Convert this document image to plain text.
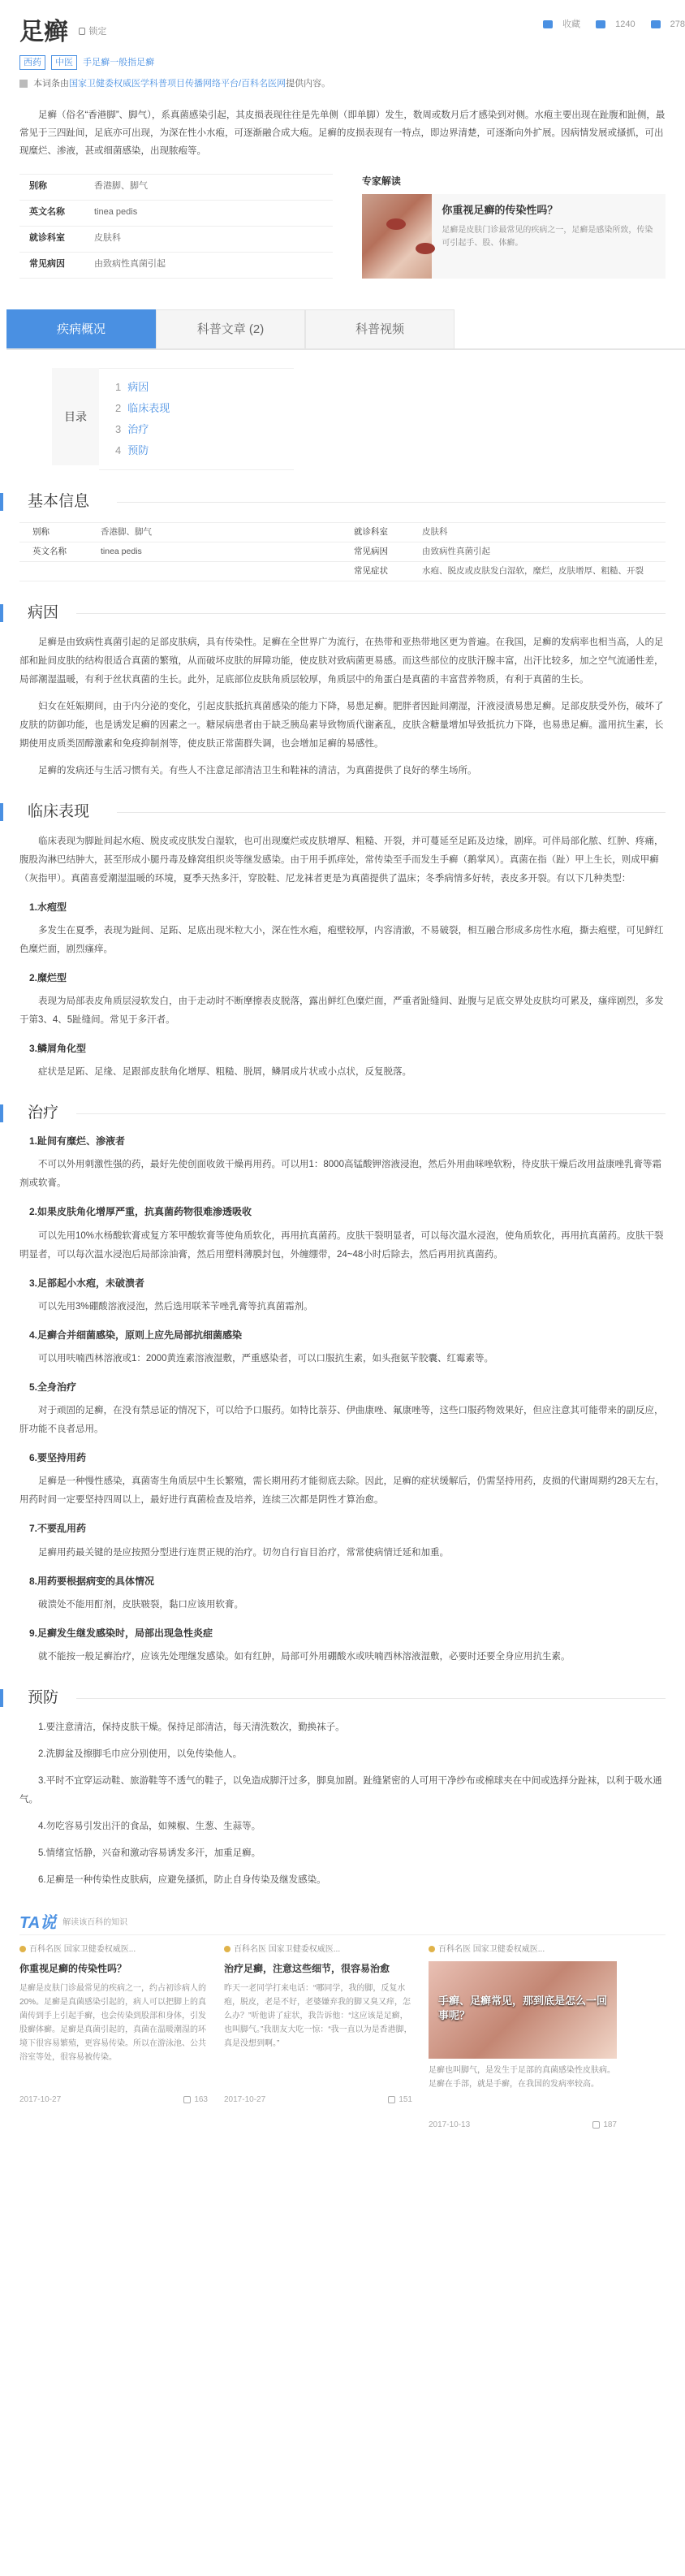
足癣 锁定
收藏	1240	278
西药 中医 手足癣一般指足癣
本词条由国家卫健委权威医学科普项目传播网络平台/百科名医网提供内容。

足癣（俗名“香港脚”、脚气），系真菌感染引起，其皮损表现往往是先单侧（即单脚）发生，数周或数月后才感染到对侧。水疱主要出现在趾腹和趾侧，最常见于三四趾间，足底亦可出现，为深在性小水疱，可逐渐融合成大疱。足癣的皮损表现有一特点，即边界清楚，可逐渐向外扩展。因病情发展或搔抓，可出现糜烂、渗液，甚或细菌感染，出现脓疱等。

别称	香港脚、脚气
英文名称	tinea pedis
就诊科室	皮肤科
常见病因	由致病性真菌引起
专家解读
你重视足癣的传染性吗？
足癣是皮肤门诊最常见的疾病之一，足癣是感染所致，传染可引起手、股、体癣。
疾病概况	科普文章 (2)	科普视频
目录
1 病因
2 临床表现
3 治疗
4 预防
基本信息
别称	香港脚、脚气	就诊科室	皮肤科
英文名称	tinea pedis	常见病因	由致病性真菌引起
常见症状	水疱、脱皮或皮肤发白湿软，糜烂，皮肤增厚、粗糙、开裂
病因

足癣是由致病性真菌引起的足部皮肤病，具有传染性。足癣在全世界广为流行，在热带和亚热带地区更为普遍。在我国，足癣的发病率也相当高，人的足部和趾间皮肤的结构很适合真菌的繁殖，从而破坏皮肤的屏障功能，使皮肤对致病菌更易感。而这些部位的皮肤汗腺丰富，出汗比较多，加之空气流通性差，局部潮湿温暖，有利于丝状真菌的生长。此外，足底部位皮肤角质层较厚，角质层中的角蛋白是真菌的丰富营养物质，有利于真菌的生长。

妇女在妊娠期间，由于内分泌的变化，引起皮肤抵抗真菌感染的能力下降，易患足癣。肥胖者因趾间潮湿，汗液浸渍易患足癣。足部皮肤受外伤，破坏了皮肤的防御功能，也是诱发足癣的因素之一。糖尿病患者由于缺乏胰岛素导致物质代谢紊乱，皮肤含糖量增加导致抵抗力下降，也易患足癣。滥用抗生素，长期使用皮质类固醇激素和免疫抑制剂等，使皮肤正常菌群失调，也会增加足癣的易感性。

足癣的发病还与生活习惯有关。有些人不注意足部清洁卫生和鞋袜的清洁，为真菌提供了良好的孳生场所。

临床表现

临床表现为脚趾间起水疱、脱皮或皮肤发白湿软，也可出现糜烂或皮肤增厚、粗糙、开裂，并可蔓延至足跖及边缘，剧痒。可伴局部化脓、红肿、疼痛，腹股沟淋巴结肿大，甚至形成小腿丹毒及蜂窝组织炎等继发感染。由于用手抓痒处，常传染至手而发生手癣（鹅掌风）。真菌在指（趾）甲上生长，则成甲癣（灰指甲）。真菌喜爱潮湿温暖的环境，夏季天热多汗，穿胶鞋、尼龙袜者更是为真菌提供了温床；冬季病情多好转，表皮多开裂。有以下几种类型：

1.水疱型

多发生在夏季，表现为趾间、足跖、足底出现米粒大小，深在性水疱，疱壁较厚，内容清澈，不易破裂，相互融合形成多房性水疱，撕去疱壁，可见鲜红色糜烂面，剧烈瘙痒。

2.糜烂型

表现为局部表皮角质层浸软发白，由于走动时不断摩擦表皮脱落，露出鲜红色糜烂面，严重者趾缝间、趾腹与足底交界处皮肤均可累及，瘙痒剧烈，多发于第3、4、5趾缝间。常见于多汗者。

3.鳞屑角化型

症状是足跖、足缘、足跟部皮肤角化增厚、粗糙、脱屑，鳞屑成片状或小点状，反复脱落。

治疗
1.趾间有糜烂、渗液者

不可以外用刺激性强的药，最好先使创面收敛干燥再用药。可以用1：8000高锰酸钾溶液浸泡，然后外用曲咪唑软粉，待皮肤干燥后改用益康唑乳膏等霜剂或软膏。

2.如果皮肤角化增厚严重，抗真菌药物很难渗透吸收

可以先用10%水杨酸软膏或复方苯甲酸软膏等使角质软化，再用抗真菌药。皮肤干裂明显者，可以每次温水浸泡，使角质软化，再用抗真菌药。皮肤干裂明显者，可以每次温水浸泡后局部涂油膏，然后用塑料薄膜封包，外缠绷带，24~48小时后除去，然后再用抗真菌药。

3.足部起小水疱，未破溃者

可以先用3%硼酸溶液浸泡，然后选用联苯苄唑乳膏等抗真菌霜剂。

4.足癣合并细菌感染，原则上应先局部抗细菌感染

可以用呋喃西林溶液或1：2000黄连素溶液湿敷，严重感染者，可以口服抗生素，如头孢氨苄胶囊、红霉素等。

5.全身治疗

对于顽固的足癣，在没有禁忌证的情况下，可以给予口服药。如特比萘芬、伊曲康唑、氟康唑等，这些口服药物效果好，但应注意其可能带来的副反应，肝功能不良者忌用。

6.要坚持用药

足癣是一种慢性感染，真菌寄生角质层中生长繁殖，需长期用药才能彻底去除。因此，足癣的症状缓解后，仍需坚持用药，皮损的代谢周期约28天左右，用药时间一定要坚持四周以上，最好进行真菌检查及培养，连续三次都是阴性才算治愈。

7.不要乱用药

足癣用药最关键的是应按照分型进行连贯正规的治疗。切勿自行盲目治疗，常常使病情迁延和加重。

8.用药要根据病变的具体情况

破溃处不能用酊剂，皮肤皲裂，黏口应该用软膏。

9.足癣发生继发感染时，局部出现急性炎症

就不能按一般足癣治疗，应该先处理继发感染。如有红肿，局部可外用硼酸水或呋喃西林溶液湿敷，必要时还要全身应用抗生素。

预防

1.要注意清洁，保持皮肤干燥。保持足部清洁，每天清洗数次，勤换袜子。

2.洗脚盆及擦脚毛巾应分别使用，以免传染他人。

3.平时不宜穿运动鞋、旅游鞋等不透气的鞋子，以免造成脚汗过多，脚臭加剧。趾缝紧密的人可用干净纱布或棉球夹在中间或选择分趾袜，以利于吸水通气。

4.勿吃容易引发出汗的食品，如辣椒、生葱、生蒜等。

5.情绪宜恬静，兴奋和激动容易诱发多汗，加重足癣。

6.足癣是一种传染性皮肤病，应避免搔抓，防止自身传染及继发感染。

TA说 解读该百科的知识
百科名医 国家卫健委权威医...
你重视足癣的传染性吗？
足癣是皮肤门诊最常见的疾病之一，约占初诊病人的20%。足癣是真菌感染引起的，病人可以把脚上的真菌传到手上引起手癣，也会传染到股部和身体，引发股癣体癣。足癣是真菌引起的，真菌在温暖潮湿的环境下很容易繁殖，更容易传染。所以在游泳池、公共浴室等处，很容易被传染。
2017-10-27	163
百科名医 国家卫健委权威医...
治疗足癣，注意这些细节，很容易治愈
昨天一老同学打来电话：“哪同学，我的脚，反复水疱，脱皮，老是不好，老婆嫌弃我的脚又臭又痒，怎么办？”听他讲了症状，我告诉他：“这应该是足癣，也叫脚气。”我朋友大吃一惊：“我一直以为是香港脚，真是没想到啊。”
2017-10-27	151
百科名医 国家卫健委权威医...
手癣、足癣常见，那到底是怎么一回事呢？
足癣也叫脚气，是发生于足部的真菌感染性皮肤病。足癣在手部，就是手癣，在我国的发病率较高。
2017-10-13	187
